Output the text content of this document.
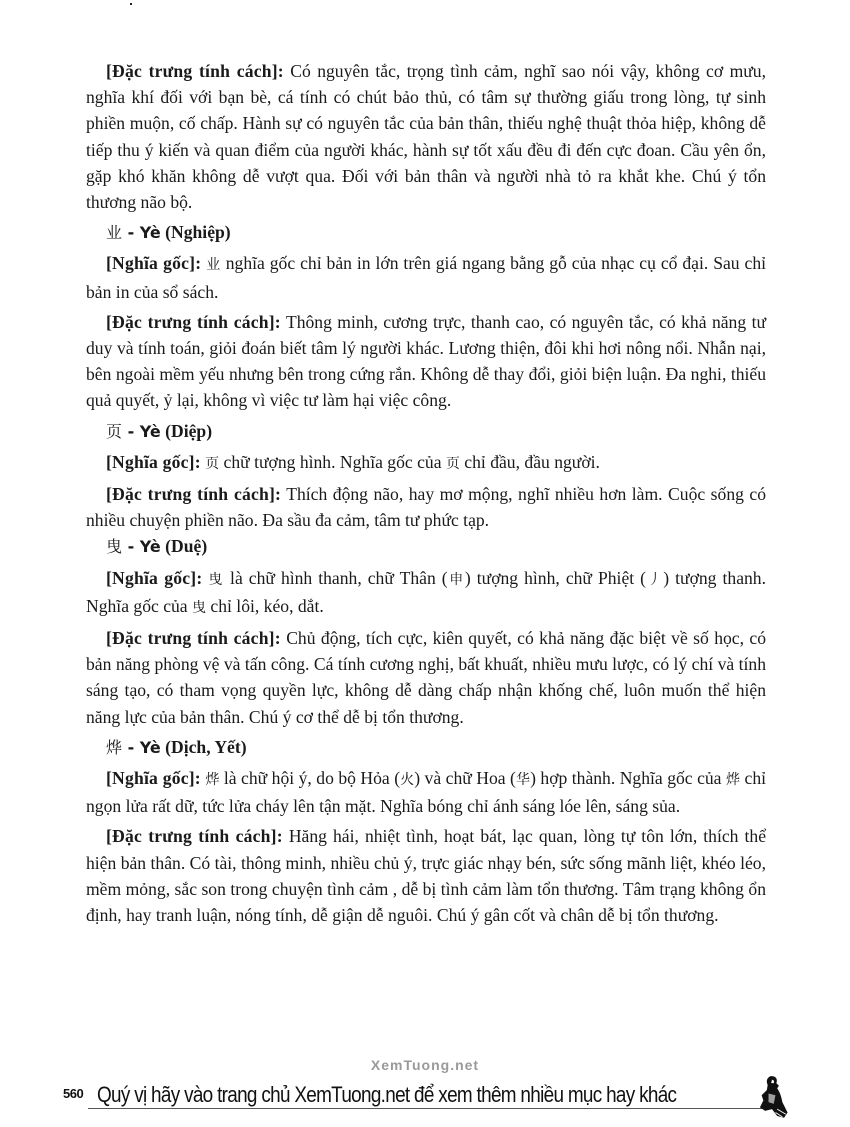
XemTuong.net

[Đặc trưng tính cách]: Có nguyên tắc, trọng tình cảm, nghĩ sao nói vậy, không cơ mưu, nghĩa khí đối với bạn bè, cá tính có chút bảo thủ, có tâm sự thường giấu trong lòng, tự sinh phiền muộn, cố chấp. Hành sự có nguyên tắc của bản thân, thiếu nghệ thuật thỏa hiệp, không dễ tiếp thu ý kiến và quan điểm của người khác, hành sự tốt xấu đều đi đến cực đoan. Cầu yên ổn, gặp khó khăn không dễ vượt qua. Đối với bản thân và người nhà tỏ ra khắt khe. Chú ý tổn thương não bộ.

业 - Yè (Nghiệp)

[Nghĩa gốc]: 业 nghĩa gốc chỉ bản in lớn trên giá ngang bằng gỗ của nhạc cụ cổ đại. Sau chỉ bản in của sổ sách.

[Đặc trưng tính cách]: Thông minh, cương trực, thanh cao, có nguyên tắc, có khả năng tư duy và tính toán, giỏi đoán biết tâm lý người khác. Lương thiện, đôi khi hơi nông nổi. Nhẫn nại, bên ngoài mềm yếu nhưng bên trong cứng rắn. Không dễ thay đổi, giỏi biện luận. Đa nghi, thiếu quả quyết, ỷ lại, không vì việc tư làm hại việc công.

页 - Yè (Diệp)

[Nghĩa gốc]: 页 chữ tượng hình. Nghĩa gốc của 页 chỉ đầu, đầu người.

[Đặc trưng tính cách]: Thích động não, hay mơ mộng, nghĩ nhiều hơn làm. Cuộc sống có nhiều chuyện phiền não. Đa sầu đa cảm, tâm tư phức tạp.

曳 - Yè (Duệ)

[Nghĩa gốc]: 曳 là chữ hình thanh, chữ Thân (申) tượng hình, chữ Phiệt (丿) tượng thanh. Nghĩa gốc của 曳 chỉ lôi, kéo, dắt.

[Đặc trưng tính cách]: Chủ động, tích cực, kiên quyết, có khả năng đặc biệt về số học, có bản năng phòng vệ và tấn công. Cá tính cương nghị, bất khuất, nhiều mưu lược, có lý chí và tính sáng tạo, có tham vọng quyền lực, không dễ dàng chấp nhận khống chế, luôn muốn thể hiện năng lực của bản thân. Chú ý cơ thể dễ bị tổn thương.

烨 - Yè (Dịch, Yết)

[Nghĩa gốc]: 烨 là chữ hội ý, do bộ Hỏa (火) và chữ Hoa (华) hợp thành. Nghĩa gốc của 烨 chỉ ngọn lửa rất dữ, tức lửa cháy lên tận mặt. Nghĩa bóng chỉ ánh sáng lóe lên, sáng sủa.

[Đặc trưng tính cách]: Hăng hái, nhiệt tình, hoạt bát, lạc quan, lòng tự tôn lớn, thích thể hiện bản thân. Có tài, thông minh, nhiều chủ ý, trực giác nhạy bén, sức sống mãnh liệt, khéo léo, mềm mỏng, sắc son trong chuyện tình cảm , dễ bị tình cảm làm tổn thương. Tâm trạng không ổn định, hay tranh luận, nóng tính, dễ giận dễ nguôi. Chú ý gân cốt và chân dễ bị tổn thương.

560 Quý vị hãy vào trang chủ XemTuong.net để xem thêm nhiều mục hay khác
